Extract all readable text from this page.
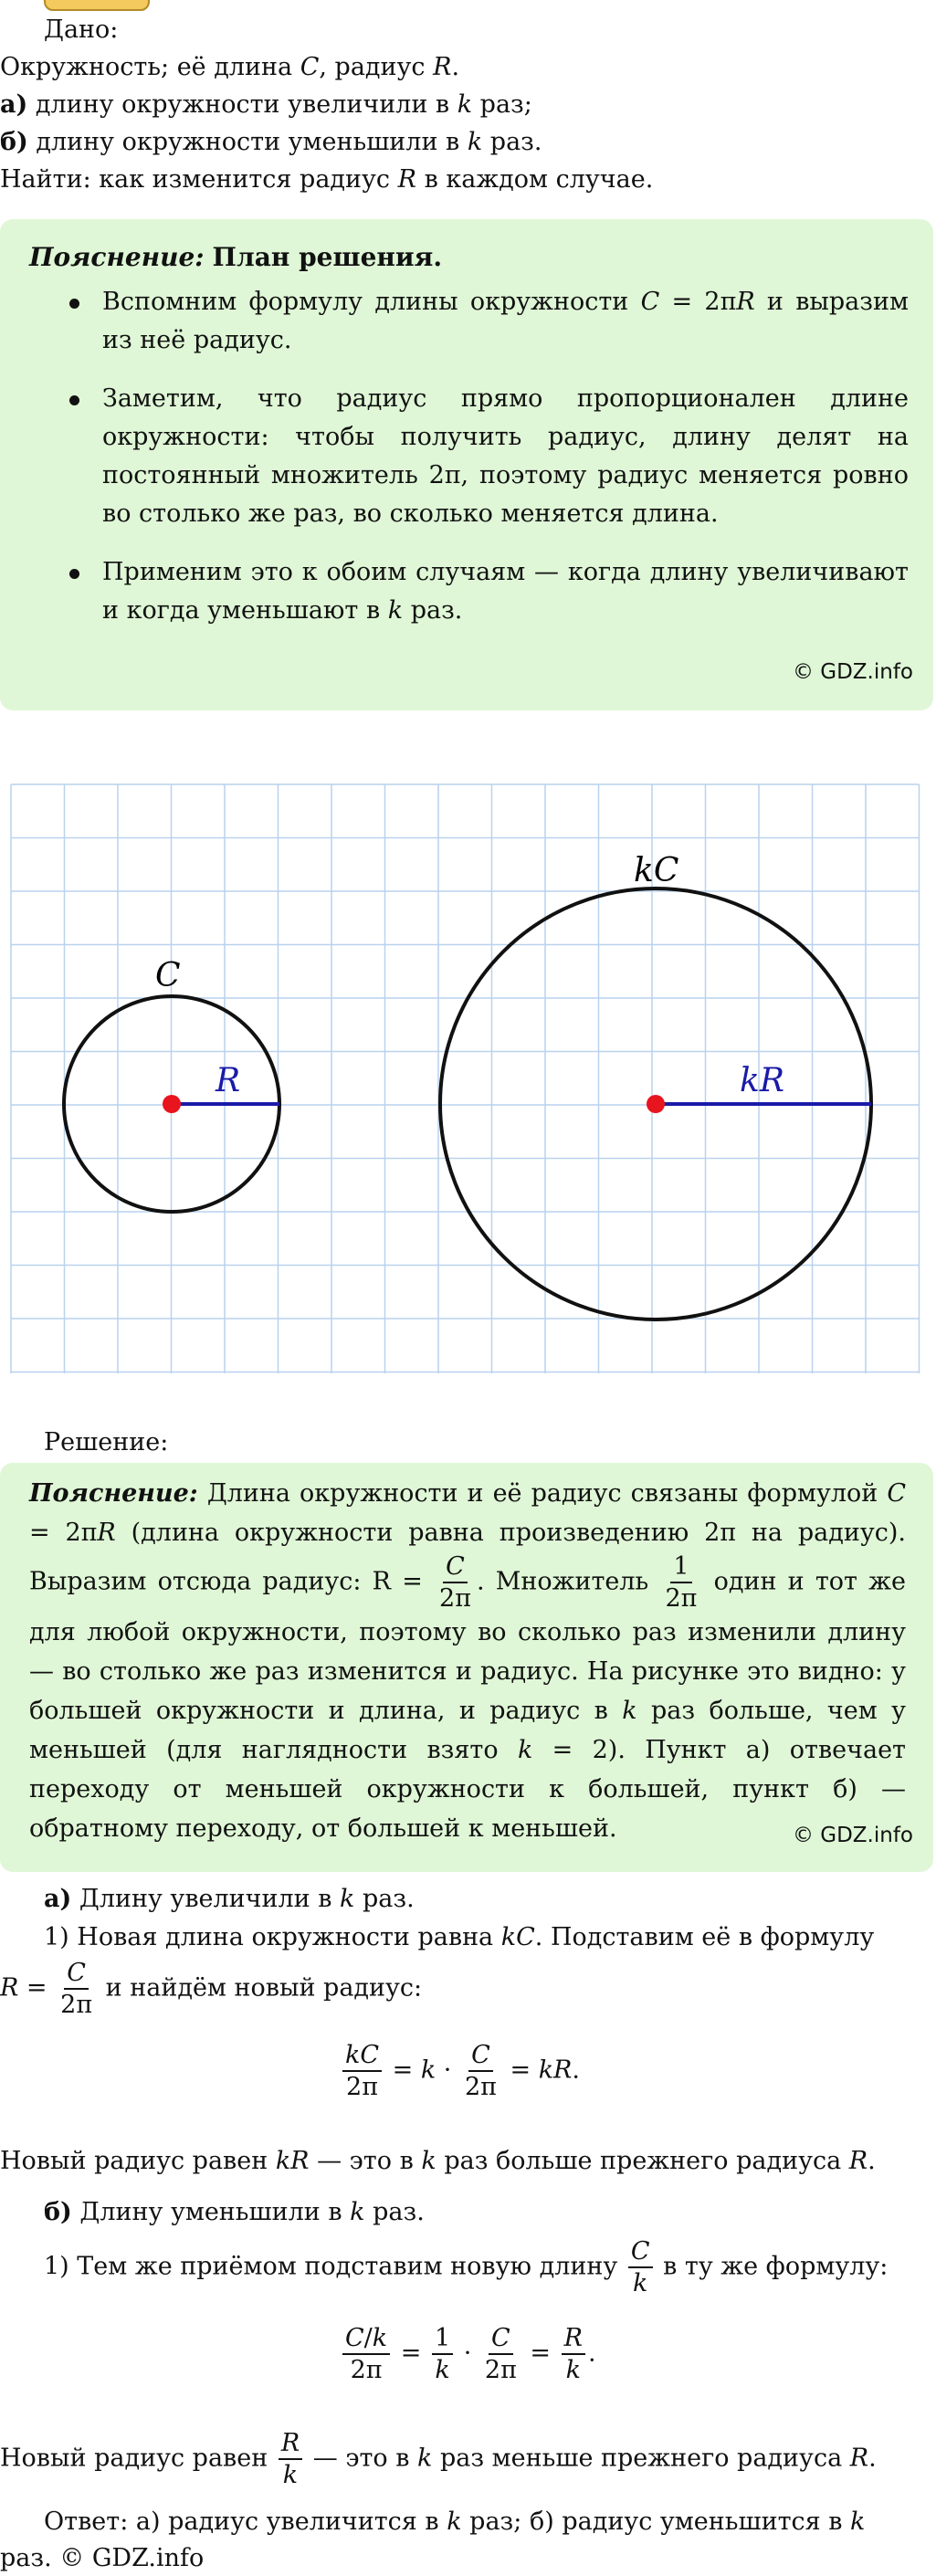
Дано:

Окружность; её длина C, радиус R.

а) длину окружности увеличили в k раз;

б) длину окружности уменьшили в k раз.

Найти: как изменится радиус R в каждом случае.

Пояснение: План решения.
Вспомним формулу длины окружности C = 2πR и выразим из неё радиус.
Заметим, что радиус прямо пропорционален длине окружности: чтобы получить радиус, длину делят на постоянный множитель 2π, поэтому радиус меняется ровно во столько же раз, во сколько меняется длина.
Применим это к обоим случаям — когда длину увеличивают и когда уменьшают в k раз.
© GDZ.info
C
R
kC
kR
Решение:
Пояснение: Длина окружности и её радиус связаны формулой C = 2πR (длина окружности равна произведению 2π на радиус). Выразим отсюда радиус: $R = \frac{C}{2\pi}$ . Множитель $\frac{1}{2\pi}$ один и тот же для любой окружности, поэтому во сколько раз изменили длину — во столько же раз изменится и радиус. На рисунке это видно: у большей окружности и длина, и радиус в k раз больше, чем у меньшей (для наглядности взято k = 2). Пункт а) отвечает переходу от меньшей окружности к большей, пункт б) — обратному переходу, от большей к меньшей.	© GDZ.info
а) Длину увеличили в k раз.
1) Новая длина окружности равна kC. Подставим её в формулу
$R = \frac{C}{2\pi}$ и найдём новый радиус:
$\frac{kC}{2\pi} = k \cdot \frac{C}{2\pi}$ = kR.
Новый радиус равен kR — это в k раз больше прежнего радиуса R.
б) Длину уменьшили в k раз.
1) Тем же приёмом подставим новую длину $\frac{C}{k}$ в ту же формулу:
$\frac{C/k}{2\pi} = \frac{1}{k} \cdot \frac{C}{2\pi} = \frac{R}{k}$ .
Новый радиус равен $\frac{R}{k}$ — это в k раз меньше прежнего радиуса R.
Ответ: а) радиус увеличится в k раз; б) радиус уменьшится в k
раз. © GDZ.info
